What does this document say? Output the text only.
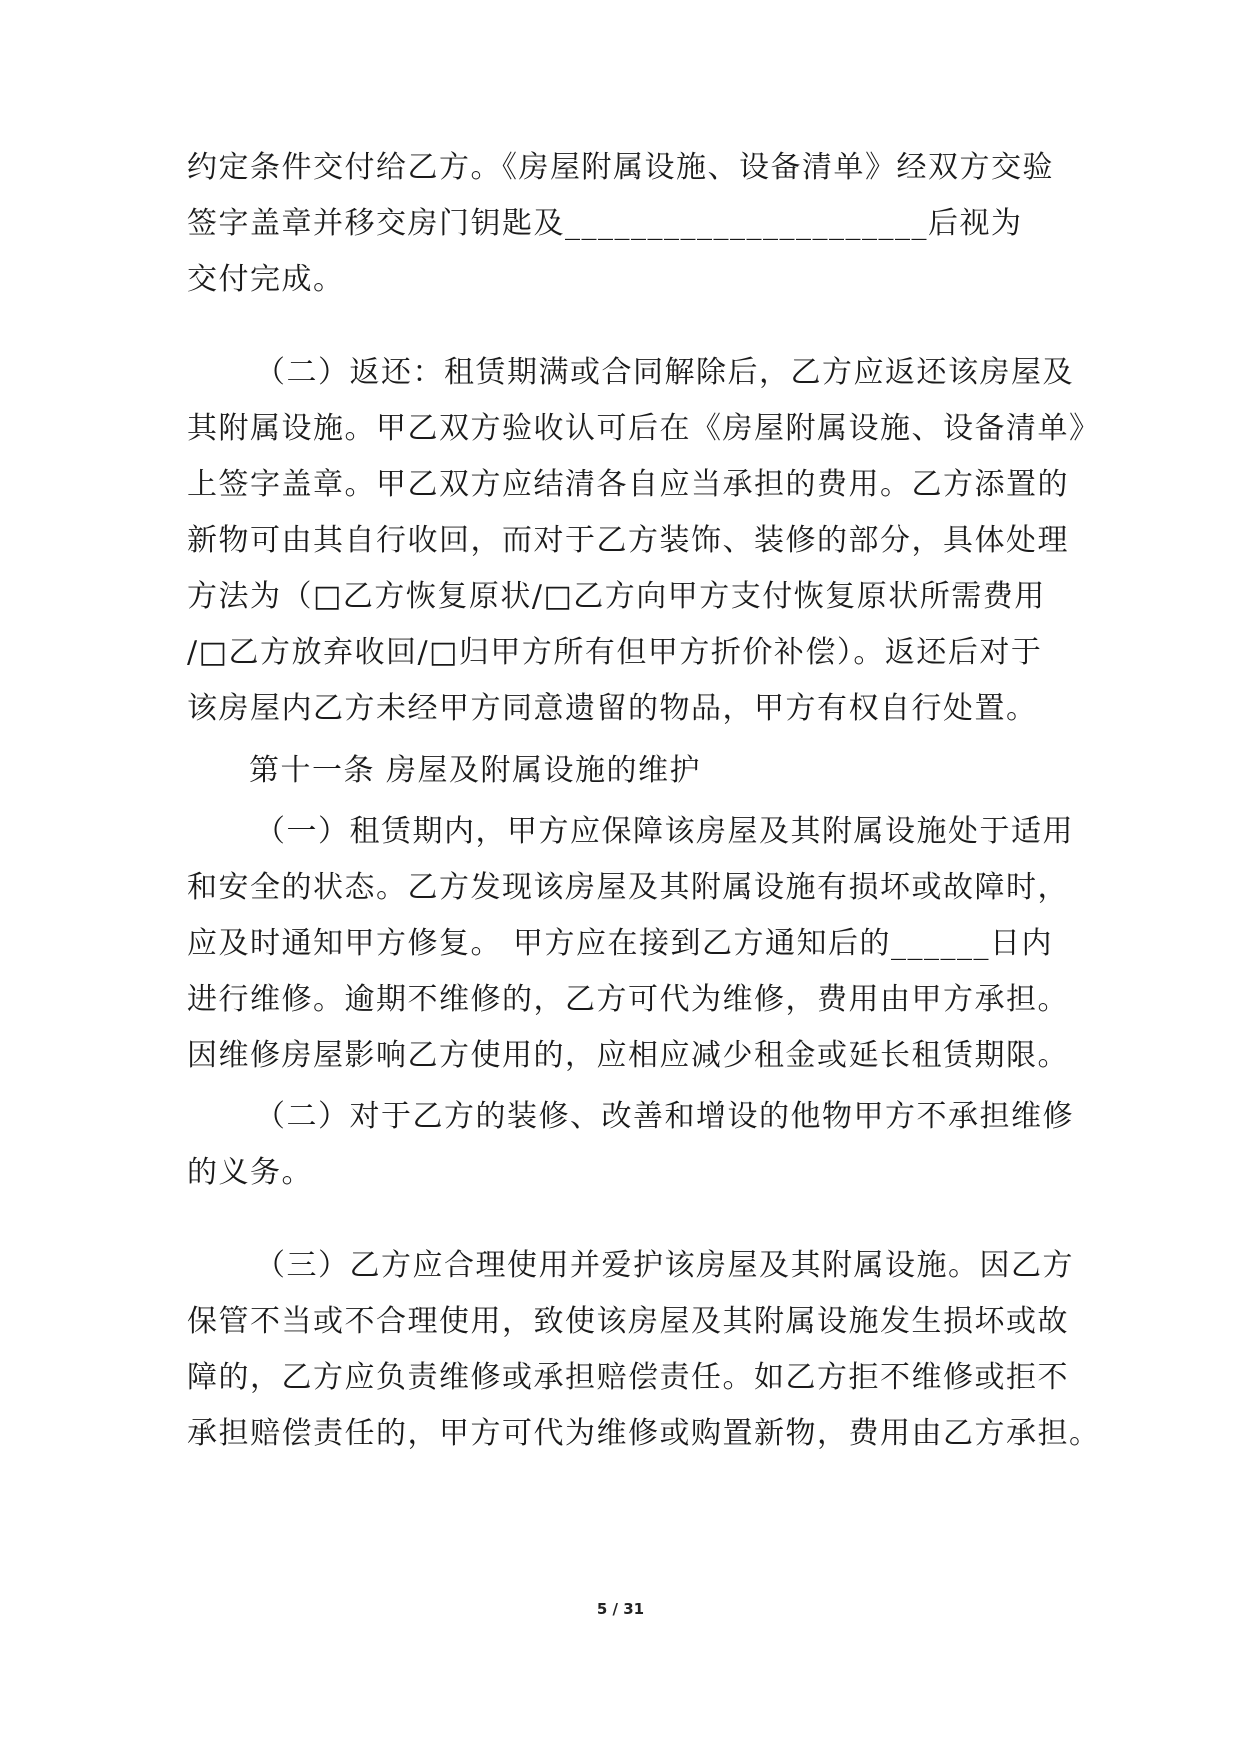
约定条件交付给乙方。《房屋附属设施、设备清单》经双方交验
签字盖章并移交房门钥匙及______________________后视为
交付完成。
（二）返还：租赁期满或合同解除后，乙方应返还该房屋及
其附属设施。甲乙双方验收认可后在《房屋附属设施、设备清单》
上签字盖章。甲乙双方应结清各自应当承担的费用。乙方添置的
新物可由其自行收回，而对于乙方装饰、装修的部分，具体处理
方法为（□乙方恢复原状/□乙方向甲方支付恢复原状所需费用
/□乙方放弃收回/□归甲方所有但甲方折价补偿）。返还后对于
该房屋内乙方未经甲方同意遗留的物品，甲方有权自行处置。
第十一条 房屋及附属设施的维护
（一）租赁期内，甲方应保障该房屋及其附属设施处于适用
和安全的状态。乙方发现该房屋及其附属设施有损坏或故障时，
应及时通知甲方修复。 甲方应在接到乙方通知后的______日内
进行维修。逾期不维修的，乙方可代为维修，费用由甲方承担。
因维修房屋影响乙方使用的，应相应减少租金或延长租赁期限。
（二）对于乙方的装修、改善和增设的他物甲方不承担维修
的义务。
（三）乙方应合理使用并爱护该房屋及其附属设施。因乙方
保管不当或不合理使用，致使该房屋及其附属设施发生损坏或故
障的，乙方应负责维修或承担赔偿责任。如乙方拒不维修或拒不
承担赔偿责任的，甲方可代为维修或购置新物，费用由乙方承担。
5 / 31
